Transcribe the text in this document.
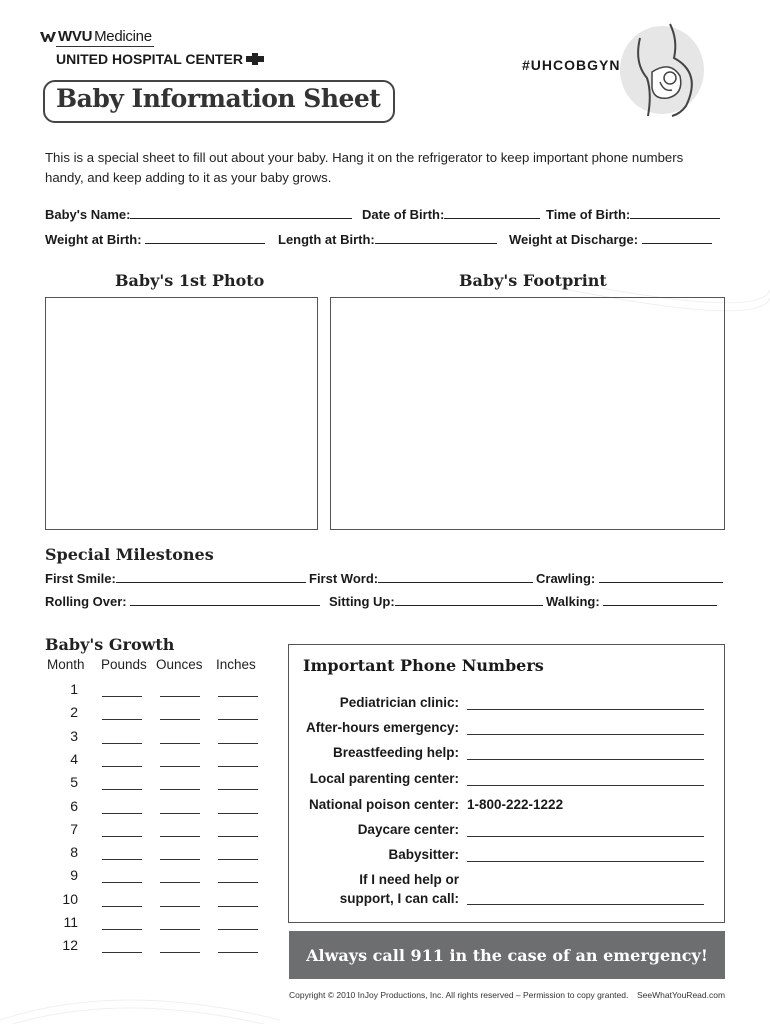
WVU Medicine
UNITED HOSPITAL CENTER	#UHCOBGYN
Baby Information Sheet
This is a special sheet to fill out about your baby. Hang it on the refrigerator to keep important phone numbers handy, and keep adding to it as your baby grows.
Baby's Name:	Date of Birth:	Time of Birth:
Weight at Birth:	Length at Birth:	Weight at Discharge:
Baby's 1st Photo	Baby's Footprint
Special Milestones
First Smile:	First Word:	Crawling:
Rolling Over:	Sitting Up:	Walking:
Baby's Growth
Month Pounds Ounces Inches
1
2
3
4
5
6
7
8
9
10
11
12
Important Phone Numbers
Pediatrician clinic:
After-hours emergency:
Breastfeeding help:
Local parenting center:
National poison center: 1-800-222-1222
Daycare center:
Babysitter:
If I need help or
support, I can call:
Always call 911 in the case of an emergency!
Copyright © 2010 InJoy Productions, Inc. All rights reserved – Permission to copy granted. SeeWhatYouRead.com
